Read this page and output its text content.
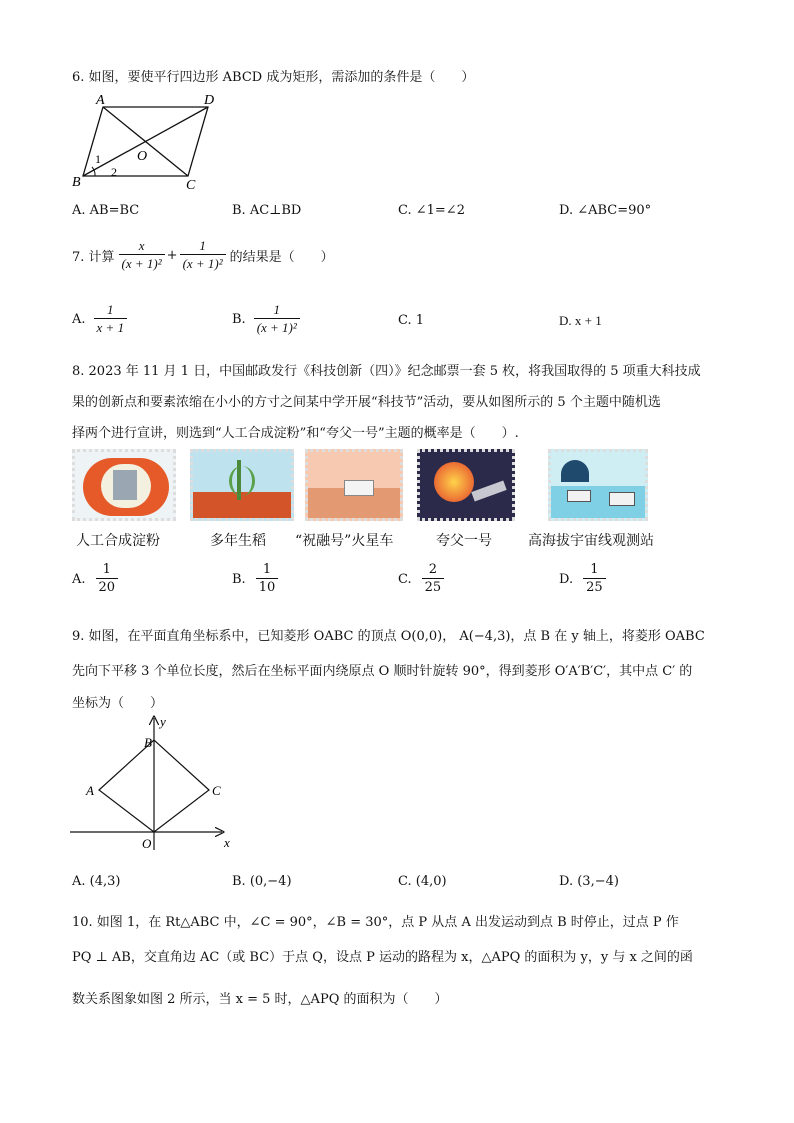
6. 如图，要使平行四边形 ABCD 成为矩形，需添加的条件是（　　）
A	D
B	C
O
1
2
A. AB=BC	B. AC⊥BD	C. ∠1=∠2	D. ∠ABC=90°
7. 计算 $\frac{x}{\text{(x + 1)²}} + \frac{1}{\text{(x + 1)²}}$ 的结果是（　　）
A. $\frac{1}{x + 1}$	B. $\frac{1}{\text{(x + 1)²}}$	C. 1	D. x + 1
8. 2023 年 11 月 1 日，中国邮政发行《科技创新（四）》纪念邮票一套 5 枚，将我国取得的 5 项重大科技成
果的创新点和要素浓缩在小小的方寸之间某中学开展“科技节”活动，要从如图所示的 5 个主题中随机选
择两个进行宣讲，则选到“人工合成淀粉”和“夸父一号”主题的概率是（　　）.
人工合成淀粉	多年生稻 “祝融号”火星车	夸父一号	高海拔宇宙线观测站
A. $\frac{1}{20}$	B. $\frac{1}{10}$	C. $\frac{2}{25}$	D. $\frac{1}{25}$
9. 如图，在平面直角坐标系中，已知菱形 OABC 的顶点 O(0,0)， A(−4,3)，点 B 在 y 轴上，将菱形 OABC
先向下平移 3 个单位长度，然后在坐标平面内绕原点 O 顺时针旋转 90°，得到菱形 O′A′B′C′，其中点 C′ 的
坐标为（　　）
y
x
O
A
B
C
A. (4,3)	B. (0,−4)	C. (4,0)	D. (3,−4)
10. 如图 1，在 Rt△ABC 中，∠C = 90°，∠B = 30°，点 P 从点 A 出发运动到点 B 时停止，过点 P 作
PQ ⊥ AB，交直角边 AC（或 BC）于点 Q，设点 P 运动的路程为 x，△APQ 的面积为 y，y 与 x 之间的函
数关系图象如图 2 所示，当 x = 5 时，△APQ 的面积为（　　）
